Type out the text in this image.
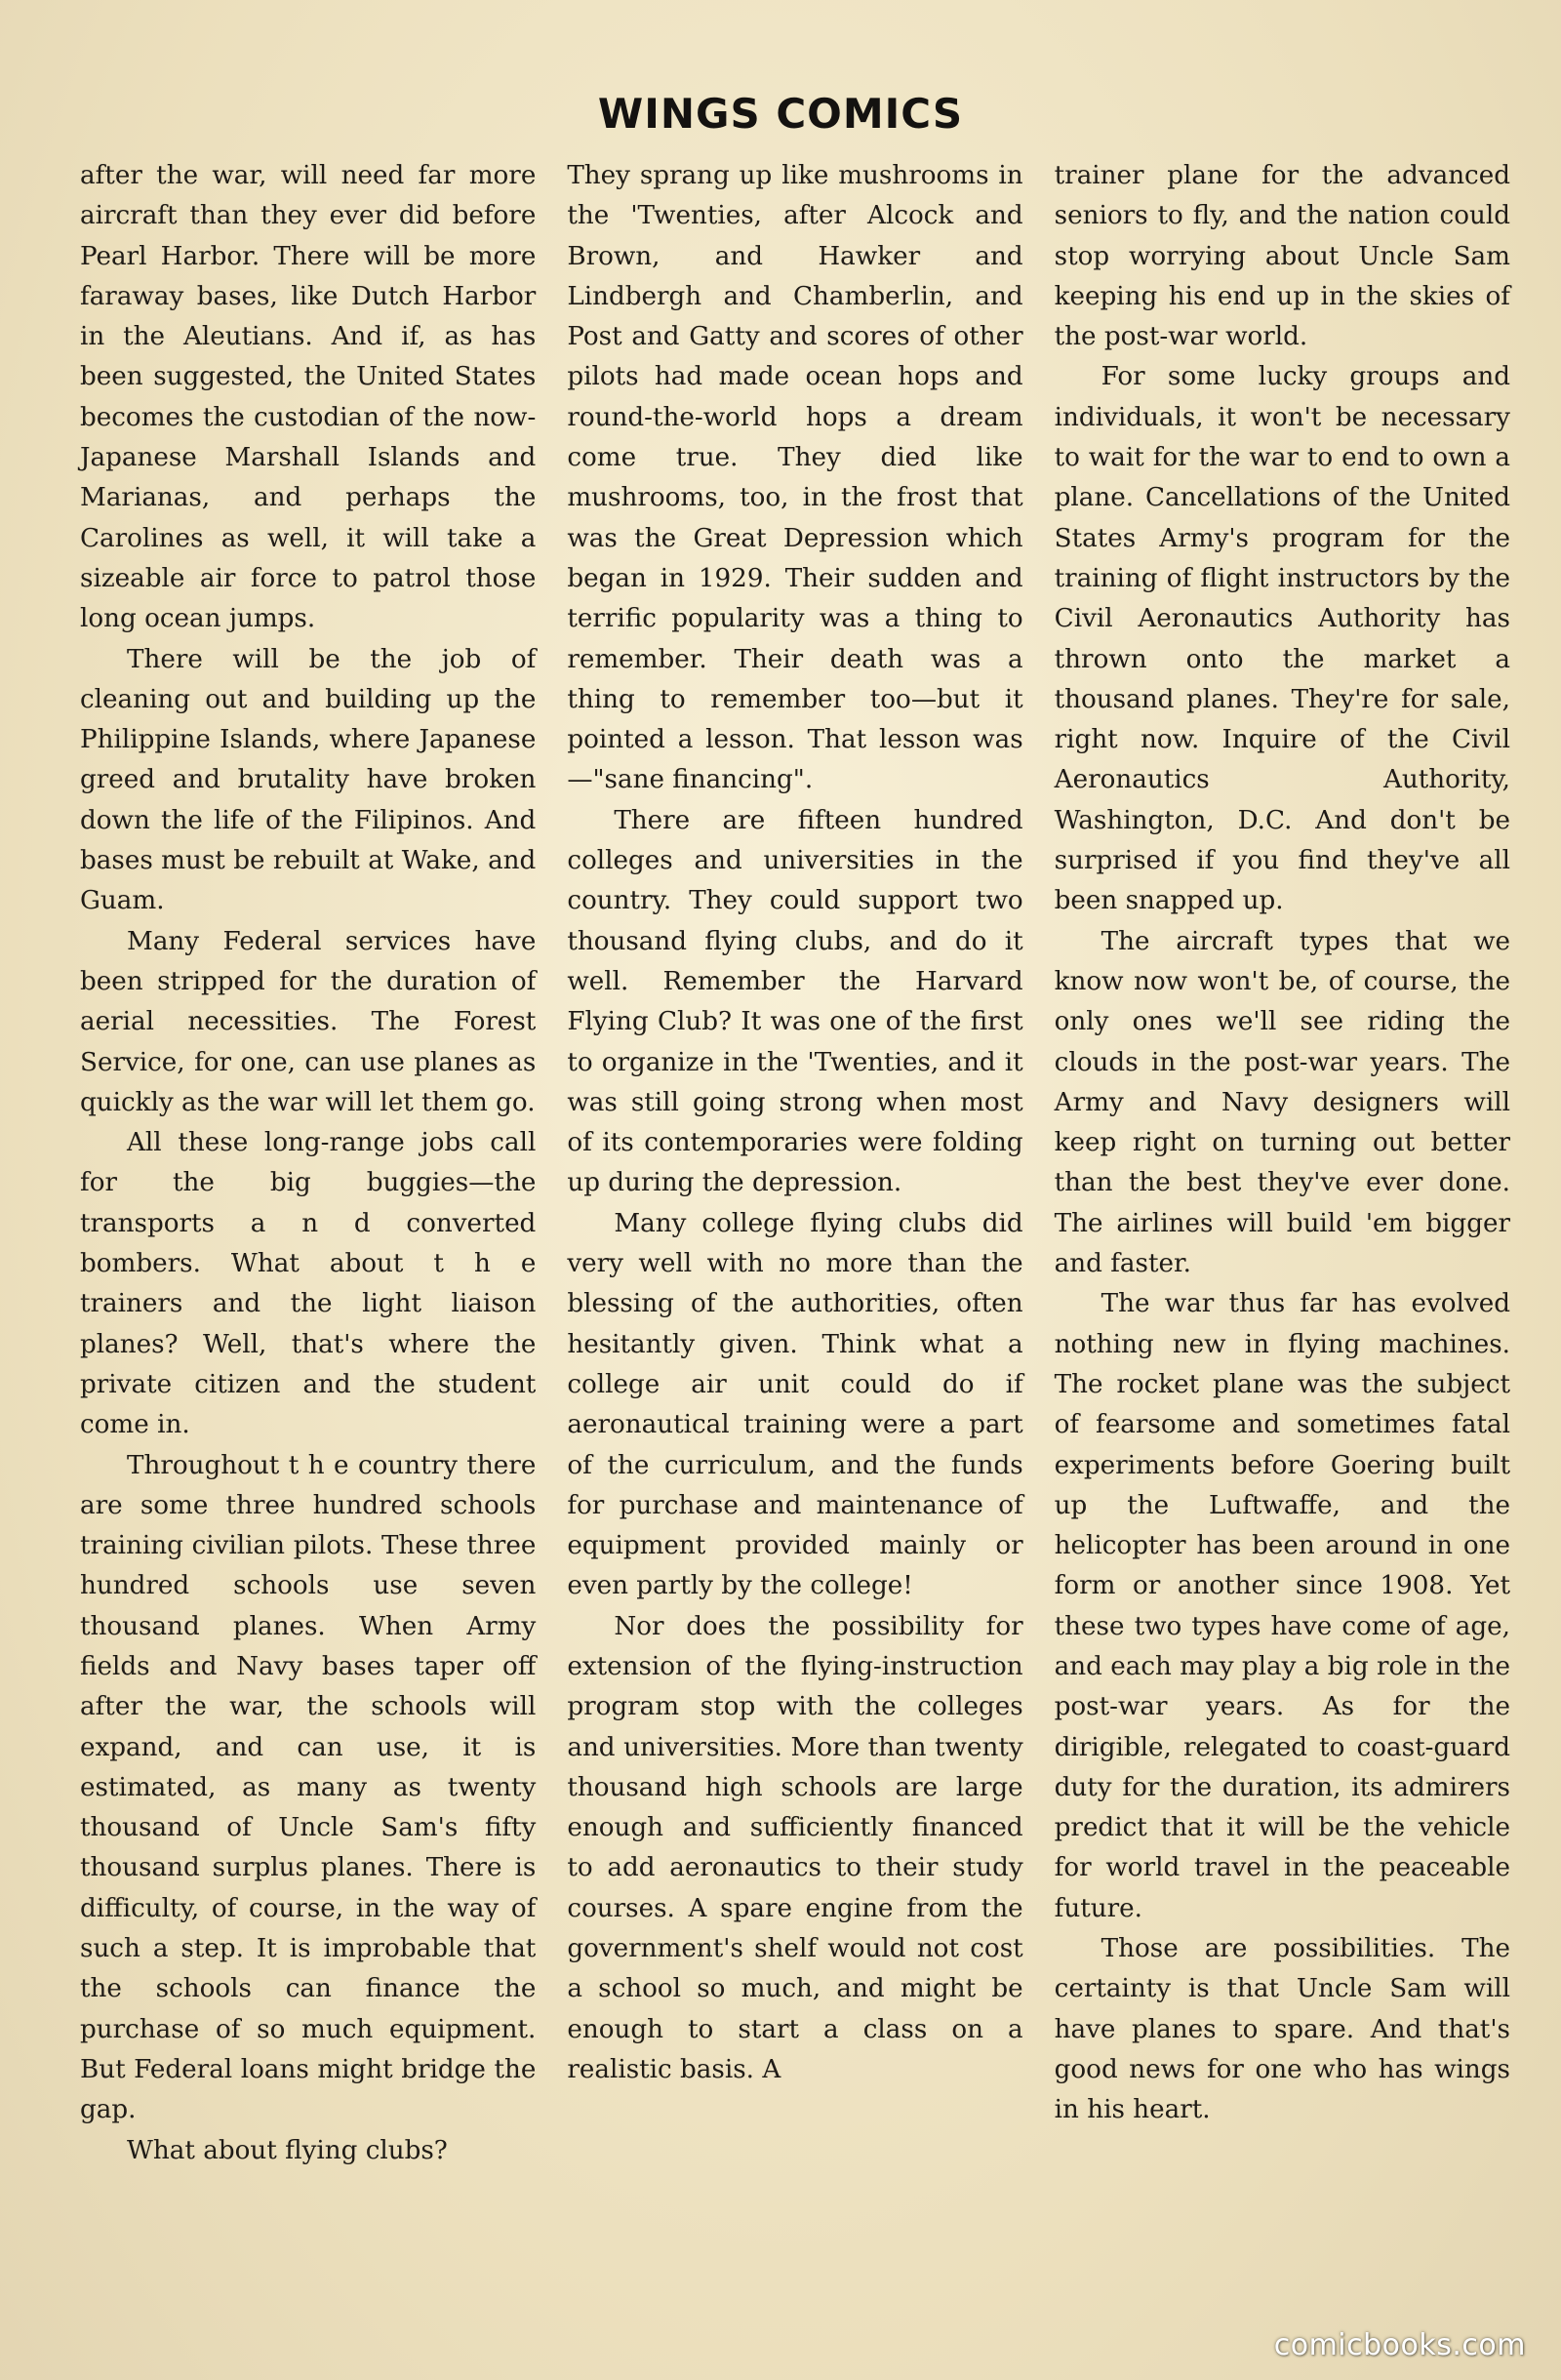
WINGS COMICS

after the war, will need far more aircraft than they ever did before Pearl Harbor. There will be more faraway bases, like Dutch Harbor in the Aleutians. And if, as has been suggested, the United States becomes the custodian of the now-Japanese Marshall Islands and Marianas, and perhaps the Carolines as well, it will take a sizeable air force to patrol those long ocean jumps.

There will be the job of cleaning out and building up the Philippine Islands, where Japanese greed and brutality have broken down the life of the Filipinos. And bases must be rebuilt at Wake, and Guam.

Many Federal services have been stripped for the duration of aerial necessities. The Forest Service, for one, can use planes as quickly as the war will let them go.

All these long-range jobs call for the big buggies—the transports a n d converted bombers. What about t h e trainers and the light liaison planes? Well, that's where the private citizen and the student come in.

Throughout t h e country there are some three hundred schools training civilian pilots. These three hundred schools use seven thousand planes. When Army fields and Navy bases taper off after the war, the schools will expand, and can use, it is estimated, as many as twenty thousand of Uncle Sam's fifty thousand surplus planes. There is difficulty, of course, in the way of such a step. It is improbable that the schools can finance the purchase of so much equipment. But Federal loans might bridge the gap.

What about flying clubs?

They sprang up like mushrooms in the 'Twenties, after Alcock and Brown, and Hawker and Lindbergh and Chamberlin, and Post and Gatty and scores of other pilots had made ocean hops and round-the-world hops a dream come true. They died like mushrooms, too, in the frost that was the Great Depression which began in 1929. Their sudden and terrific popularity was a thing to remember. Their death was a thing to remember too—but it pointed a lesson. That lesson was—"sane financing".

There are fifteen hundred colleges and universities in the country. They could support two thousand flying clubs, and do it well. Remember the Harvard Flying Club? It was one of the first to organize in the 'Twenties, and it was still going strong when most of its contemporaries were folding up during the depression.

Many college flying clubs did very well with no more than the blessing of the authorities, often hesitantly given. Think what a college air unit could do if aeronautical training were a part of the curriculum, and the funds for purchase and maintenance of equipment provided mainly or even partly by the college!

Nor does the possibility for extension of the flying-instruction program stop with the colleges and universities. More than twenty thousand high schools are large enough and sufficiently financed to add aeronautics to their study courses. A spare engine from the government's shelf would not cost a school so much, and might be enough to start a class on a realistic basis. A

trainer plane for the advanced seniors to fly, and the nation could stop worrying about Uncle Sam keeping his end up in the skies of the post-war world.

For some lucky groups and individuals, it won't be necessary to wait for the war to end to own a plane. Cancellations of the United States Army's program for the training of flight instructors by the Civil Aeronautics Authority has thrown onto the market a thousand planes. They're for sale, right now. Inquire of the Civil Aeronautics Authority, Washington, D.C. And don't be surprised if you find they've all been snapped up.

The aircraft types that we know now won't be, of course, the only ones we'll see riding the clouds in the post-war years. The Army and Navy designers will keep right on turning out better than the best they've ever done. The airlines will build 'em bigger and faster.

The war thus far has evolved nothing new in flying machines. The rocket plane was the subject of fearsome and sometimes fatal experiments before Goering built up the Luftwaffe, and the helicopter has been around in one form or another since 1908. Yet these two types have come of age, and each may play a big role in the post-war years. As for the dirigible, relegated to coast-guard duty for the duration, its admirers predict that it will be the vehicle for world travel in the peaceable future.

Those are possibilities. The certainty is that Uncle Sam will have planes to spare. And that's good news for one who has wings in his heart.

comicbooks.com
